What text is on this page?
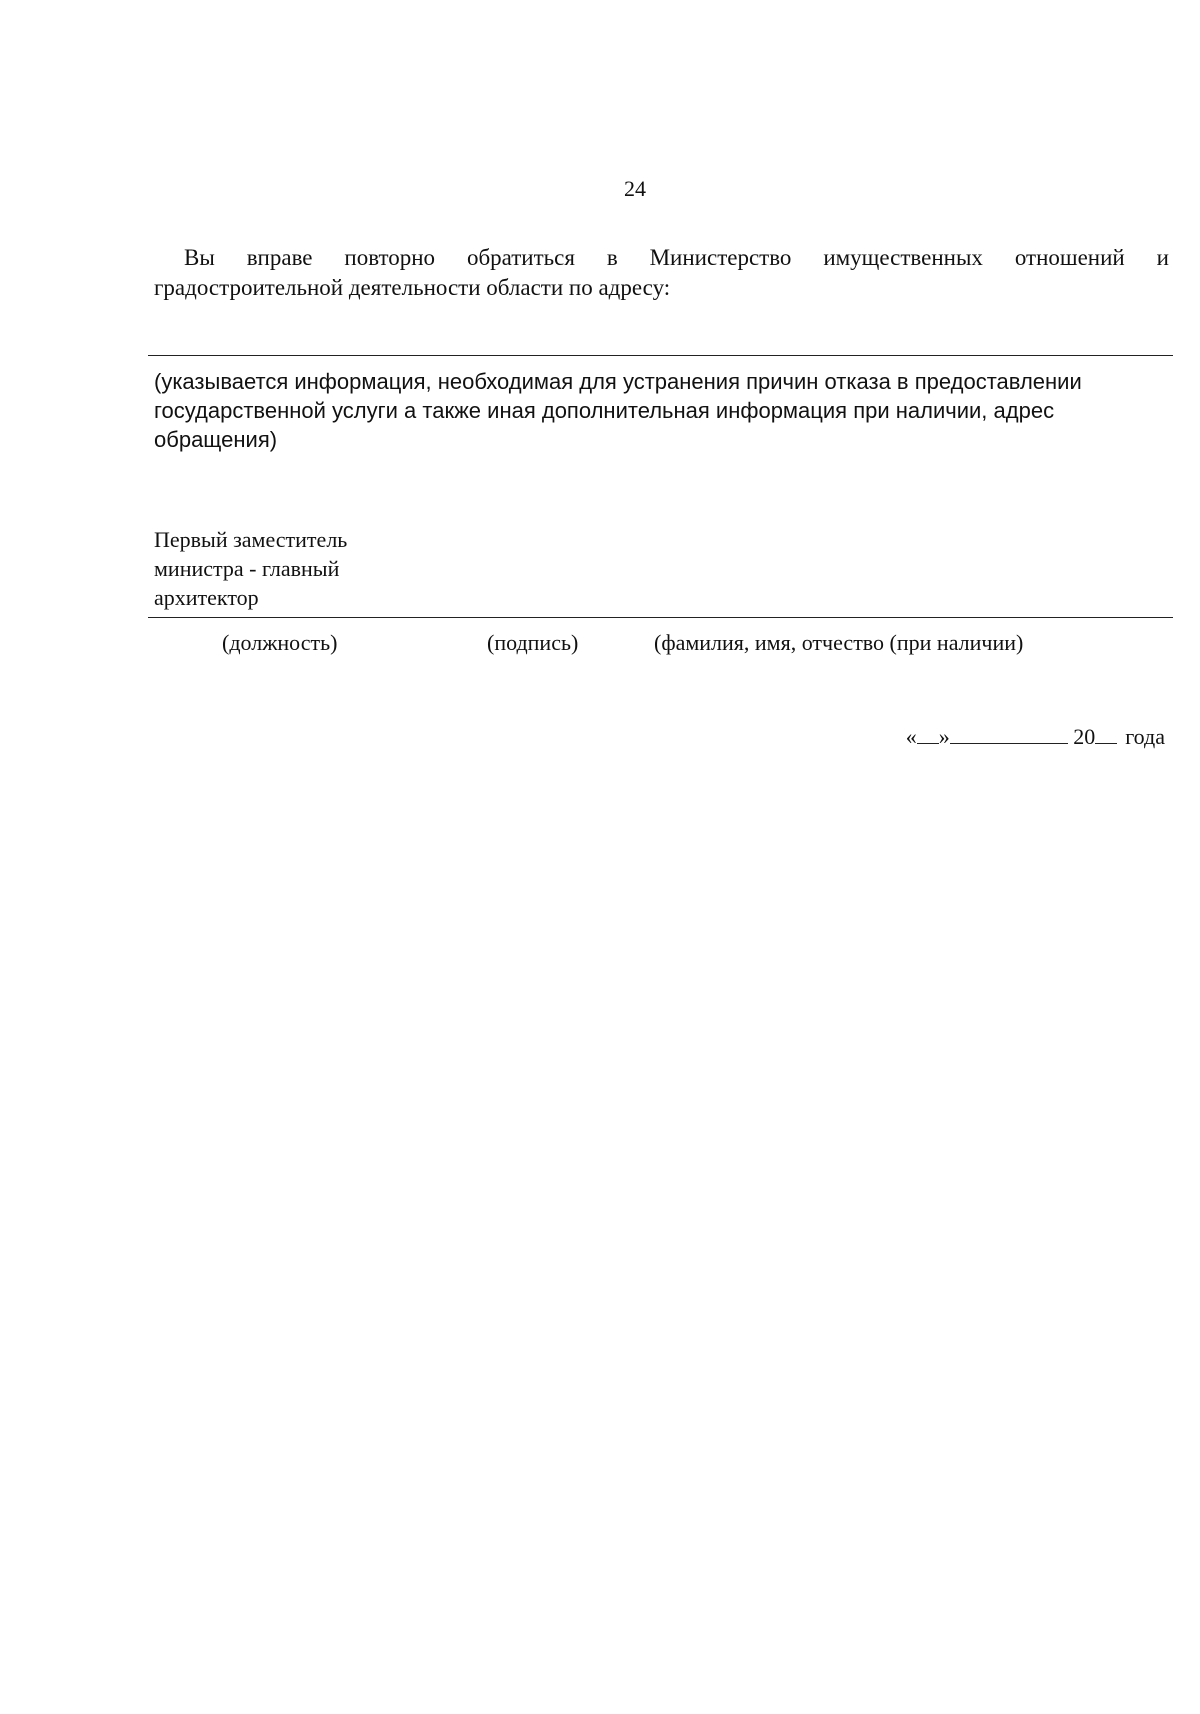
24
Вы вправе повторно обратиться в Министерство имущественных отношений и
градостроительной деятельности области по адресу:
(указывается информация, необходимая для устранения причин отказа в предоставлении
государственной услуги а также иная дополнительная информация при наличии, адрес
обращения)
Первый заместитель
министра - главный
архитектор
(должность)	(подпись)	(фамилия, имя, отчество (при наличии)
« »	20 года
